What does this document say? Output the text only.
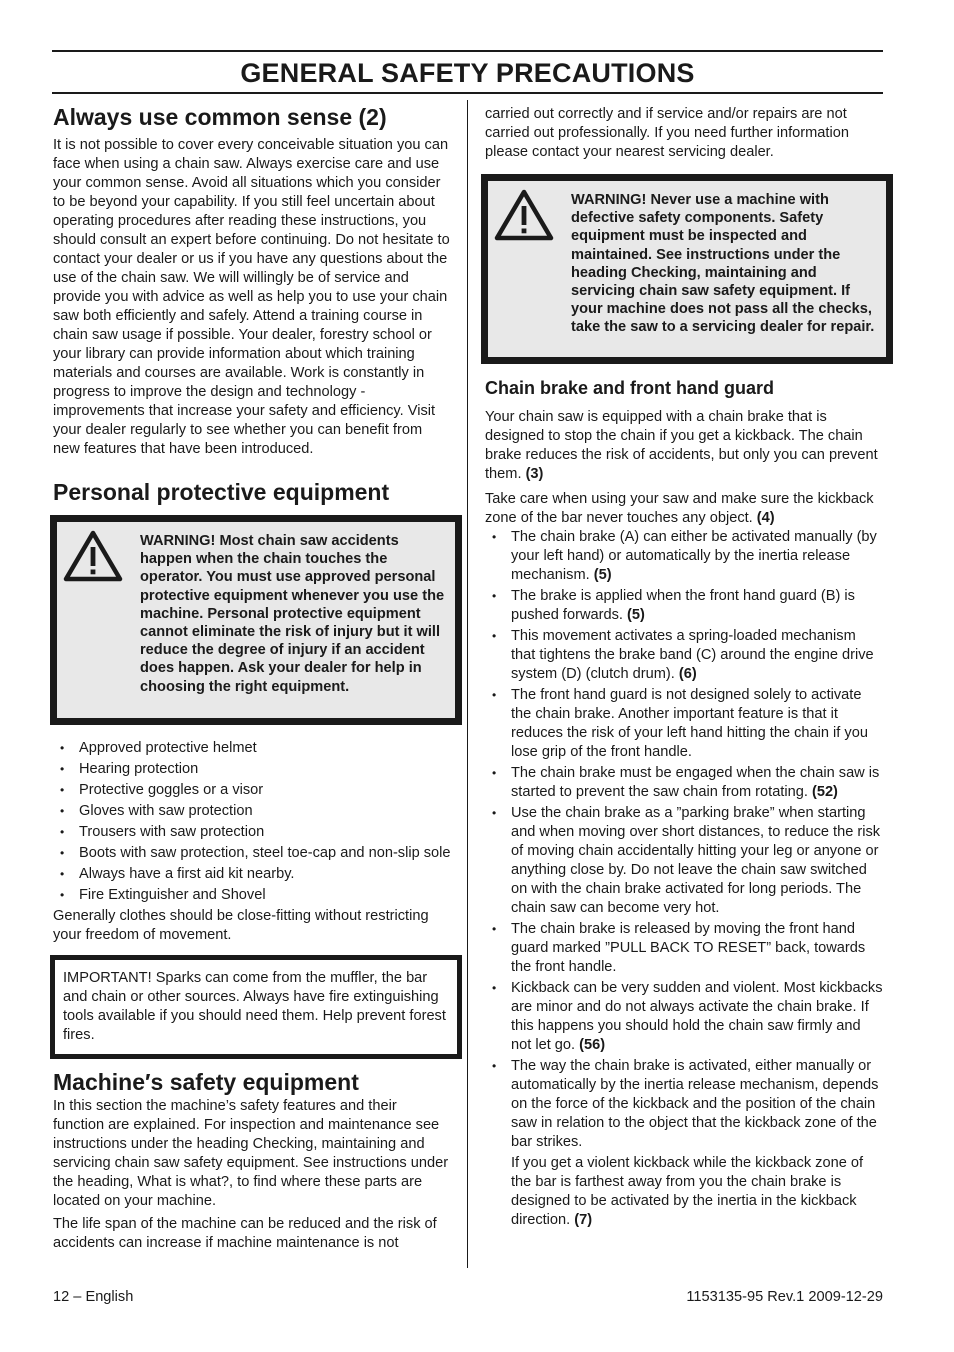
GENERAL SAFETY PRECAUTIONS
Always use common sense (2)

It is not possible to cover every conceivable situation you can face when using a chain saw. Always exercise care and use your common sense. Avoid all situations which you consider to be beyond your capability. If you still feel uncertain about operating procedures after reading these instructions, you should consult an expert before continuing. Do not hesitate to contact your dealer or us if you have any questions about the use of the chain saw. We will willingly be of service and provide you with advice as well as help you to use your chain saw both efficiently and safely. Attend a training course in chain saw usage if possible. Your dealer, forestry school or your library can provide information about which training materials and courses are available. Work is constantly in progress to improve the design and technology - improvements that increase your safety and efficiency. Visit your dealer regularly to see whether you can benefit from new features that have been introduced.

Personal protective equipment
WARNING! Most chain saw accidents happen when the chain touches the operator. You must use approved personal protective equipment whenever you use the machine. Personal protective equipment cannot eliminate the risk of injury but it will reduce the degree of injury if an accident does happen. Ask your dealer for help in choosing the right equipment.
• Approved protective helmet
• Hearing protection
• Protective goggles or a visor
• Gloves with saw protection
• Trousers with saw protection
• Boots with saw protection, steel toe-cap and non-slip sole
• Always have a first aid kit nearby.
• Fire Extinguisher and Shovel

Generally clothes should be close-fitting without restricting your freedom of movement.

IMPORTANT! Sparks can come from the muffler, the bar and chain or other sources. Always have fire extinguishing tools available if you should need them. Help prevent forest fires.
Machine′s safety equipment

In this section the machine’s safety features and their function are explained. For inspection and maintenance see instructions under the heading Checking, maintaining and servicing chain saw safety equipment. See instructions under the heading, What is what?, to find where these parts are located on your machine.

The life span of the machine can be reduced and the risk of accidents can increase if machine maintenance is not

carried out correctly and if service and/or repairs are not carried out professionally. If you need further information please contact your nearest servicing dealer.

WARNING! Never use a machine with defective safety components. Safety equipment must be inspected and maintained. See instructions under the heading Checking, maintaining and servicing chain saw safety equipment. If your machine does not pass all the checks, take the saw to a servicing dealer for repair.
Chain brake and front hand guard

Your chain saw is equipped with a chain brake that is designed to stop the chain if you get a kickback. The chain brake reduces the risk of accidents, but only you can prevent them. (3)

Take care when using your saw and make sure the kickback zone of the bar never touches any object. (4)

• The chain brake (A) can either be activated manually (by your left hand) or automatically by the inertia release mechanism. (5)
• The brake is applied when the front hand guard (B) is pushed forwards. (5)
• This movement activates a spring-loaded mechanism that tightens the brake band (C) around the engine drive system (D) (clutch drum). (6)
• The front hand guard is not designed solely to activate the chain brake. Another important feature is that it reduces the risk of your left hand hitting the chain if you lose grip of the front handle.
• The chain brake must be engaged when the chain saw is started to prevent the saw chain from rotating. (52)
• Use the chain brake as a ”parking brake” when starting and when moving over short distances, to reduce the risk of moving chain accidentally hitting your leg or anyone or anything close by. Do not leave the chain saw switched on with the chain brake activated for long periods. The chain saw can become very hot.
• The chain brake is released by moving the front hand guard marked ”PULL BACK TO RESET” back, towards the front handle.
• Kickback can be very sudden and violent. Most kickbacks are minor and do not always activate the chain brake. If this happens you should hold the chain saw firmly and not let go. (56)
• The way the chain brake is activated, either manually or automatically by the inertia release mechanism, depends on the force of the kickback and the position of the chain saw in relation to the object that the kickback zone of the bar strikes.

If you get a violent kickback while the kickback zone of the bar is farthest away from you the chain brake is designed to be activated by the inertia in the kickback direction. (7)

12 – English	1153135-95 Rev.1 2009-12-29
